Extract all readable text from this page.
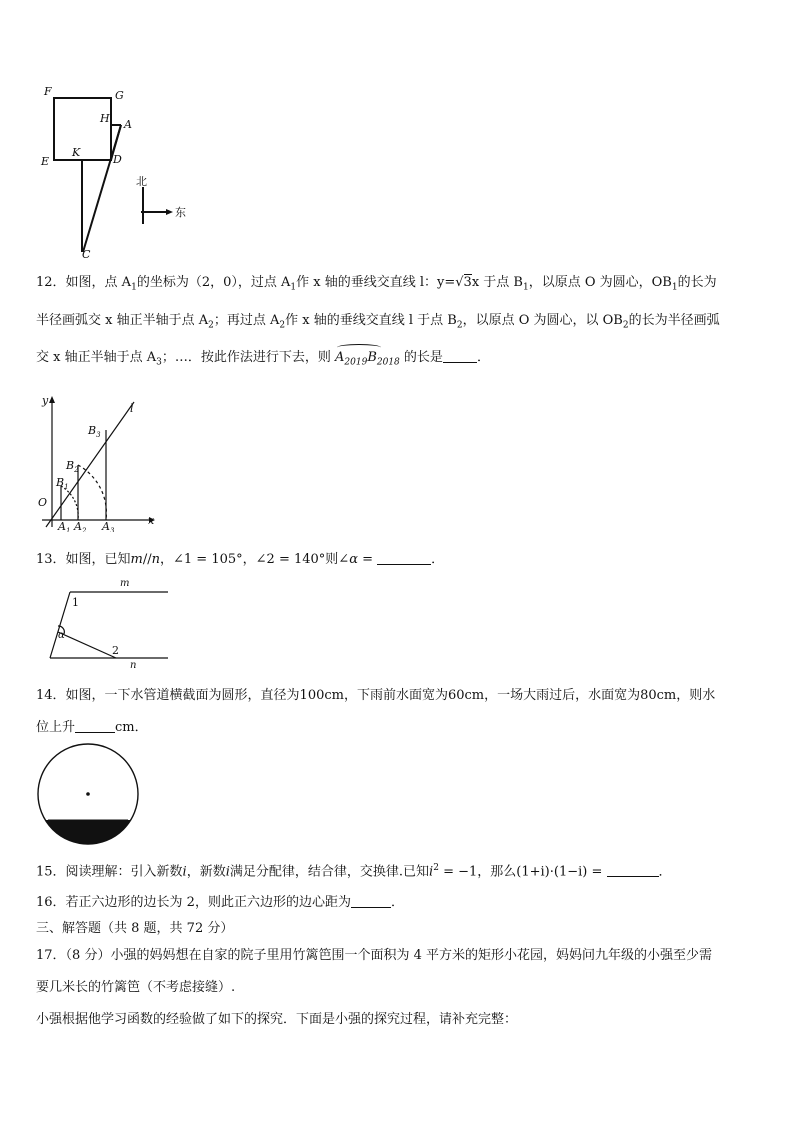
F	G
H A
E
K
D
C
北
东
12．如图，点 $A_1$的坐标为（2，0），过点 $A_1$作 x 轴的垂线交直线 l：y=√3x 于点 $B_1$，以原点 O 为圆心，$OB_1$的长为
半径画弧交 x 轴正半轴于点 $A_2$；再过点 $A_2$作 x 轴的垂线交直线 l 于点 $B_2$，以原点 O 为圆心，以 $OB_2$的长为半径画弧
交 x 轴正半轴于点 $A_3$；…．按此作法进行下去，则 $A_{2019}B_{2018}$ 的长是	．
y
l
$B_3$
$B_2$
$B_1$
O
$A_1$ $A_2$ $A_3$
x
13．如图，已知m//n，∠1 = 105°，∠2 = 140°则∠α =	．
m
1
α
2
n
14．如图，一下水管道横截面为圆形，直径为100cm，下雨前水面宽为60cm，一场大雨过后，水面宽为80cm，则水
位上升	cm．
15．阅读理解：引入新数i，新数i满足分配律，结合律，交换律.已知$i^2 = -1$，那么(1+i)·(1−i) =	．
16．若正六边形的边长为 2，则此正六边形的边心距为	．
三、解答题（共 8 题，共 72 分）
17．（8 分）小强的妈妈想在自家的院子里用竹篱笆围一个面积为 4 平方米的矩形小花园，妈妈问九年级的小强至少需
要几米长的竹篱笆（不考虑接缝）.
小强根据他学习函数的经验做了如下的探究．下面是小强的探究过程，请补充完整：
